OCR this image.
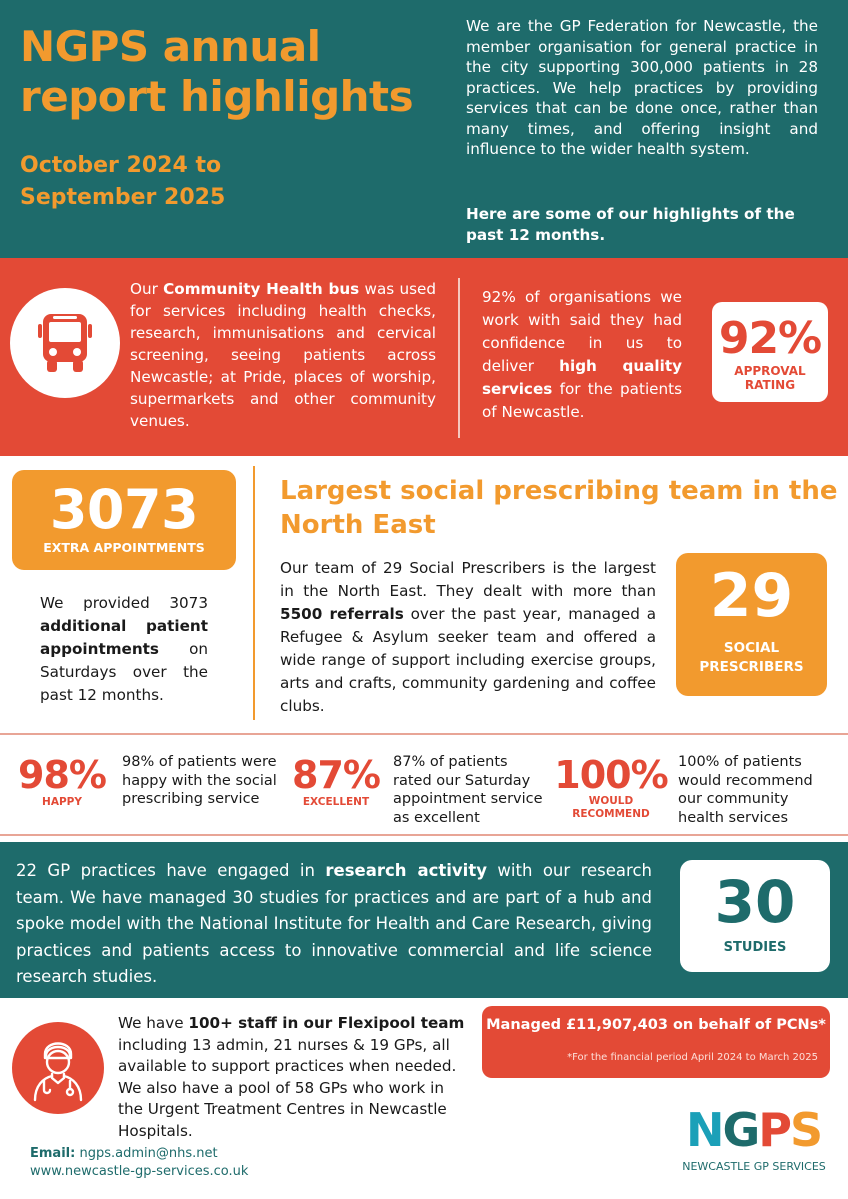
NGPS annual report highlights
October 2024 to September 2025
We are the GP Federation for Newcastle, the member organisation for general practice in the city supporting 300,000 patients in 28 practices. We help practices by providing services that can be done once, rather than many times, and offering insight and influence to the wider health system.
Here are some of our highlights of the past 12 months.
Our Community Health bus was used for services including health checks, research, immunisations and cervical screening, seeing patients across Newcastle; at Pride, places of worship, supermarkets and other community venues.
92% of organisations we work with said they had confidence in us to deliver high quality services for the patients of Newcastle.
92%
APPROVAL RATING
3073
EXTRA APPOINTMENTS
We provided 3073 additional patient appointments on Saturdays over the past 12 months.
Largest social prescribing team in the North East
Our team of 29 Social Prescribers is the largest in the North East. They dealt with more than 5500 referrals over the past year, managed a Refugee & Asylum seeker team and offered a wide range of support including exercise groups, arts and crafts, community gardening and coffee clubs.
29
SOCIAL PRESCRIBERS
98%
HAPPY
98% of patients were happy with the social prescribing service
87%
EXCELLENT
87% of patients rated our Saturday appointment service as excellent
100%
WOULD RECOMMEND
100% of patients would recommend our community health services
22 GP practices have engaged in research activity with our research team. We have managed 30 studies for practices and are part of a hub and spoke model with the National Institute for Health and Care Research, giving practices and patients access to innovative commercial and life science research studies.
30
STUDIES
We have 100+ staff in our Flexipool team including 13 admin, 21 nurses & 19 GPs, all available to support practices when needed. We also have a pool of 58 GPs who work in the Urgent Treatment Centres in Newcastle Hospitals.
Managed £11,907,403 on behalf of PCNs*
*For the financial period April 2024 to March 2025
Email: ngps.admin@nhs.net
www.newcastle-gp-services.co.uk
NGPS
NEWCASTLE GP SERVICES
